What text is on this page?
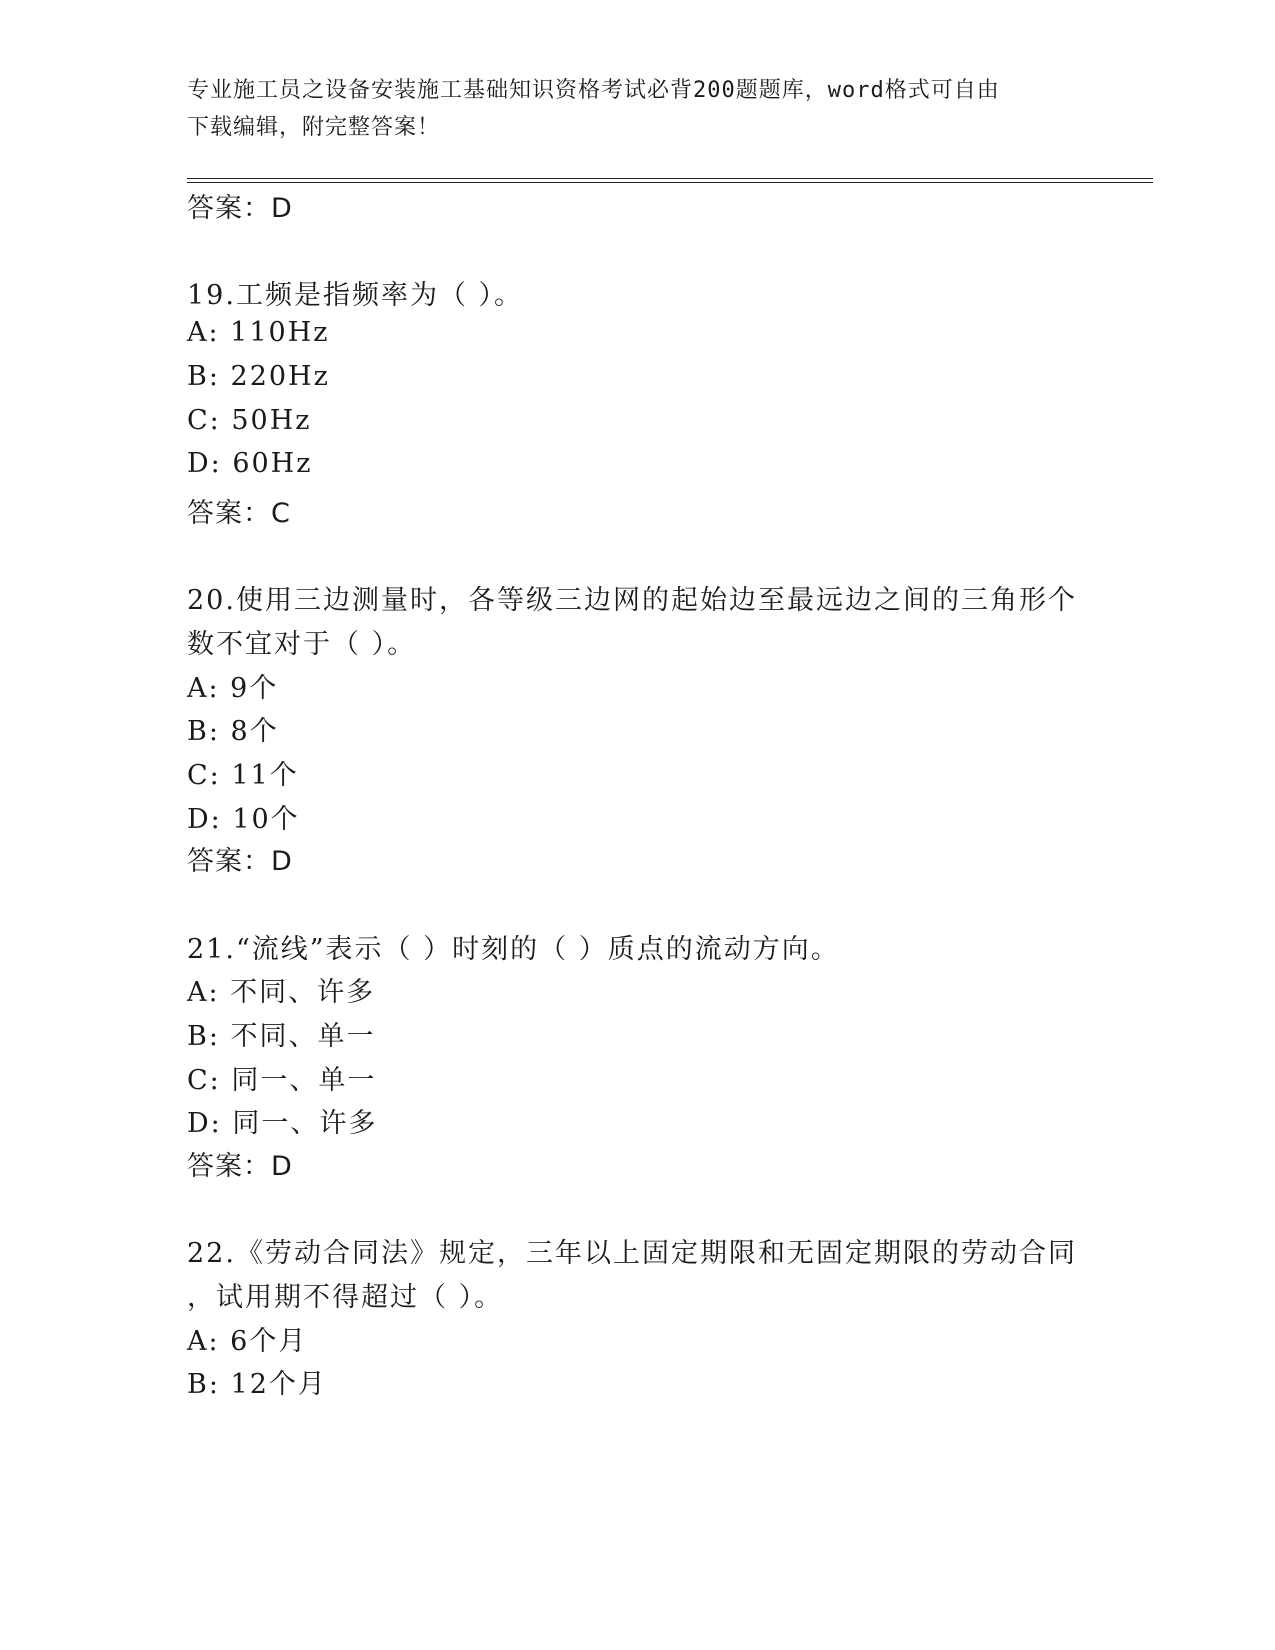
专业施工员之设备安装施工基础知识资格考试必背200题题库，word格式可自由
下载编辑，附完整答案！
答案：D
19.工频是指频率为（ ）。
A: 110Hz
B: 220Hz
C: 50Hz
D: 60Hz
答案：C
20.使用三边测量时，各等级三边网的起始边至最远边之间的三角形个
数不宜对于（ ）。
A: 9个
B: 8个
C: 11个
D: 10个
答案：D
21.“流线”表示（ ）时刻的（ ）质点的流动方向。
A: 不同、许多
B: 不同、单一
C: 同一、单一
D: 同一、许多
答案：D
22.《劳动合同法》规定，三年以上固定期限和无固定期限的劳动合同
，试用期不得超过（ ）。
A: 6个月
B: 12个月
